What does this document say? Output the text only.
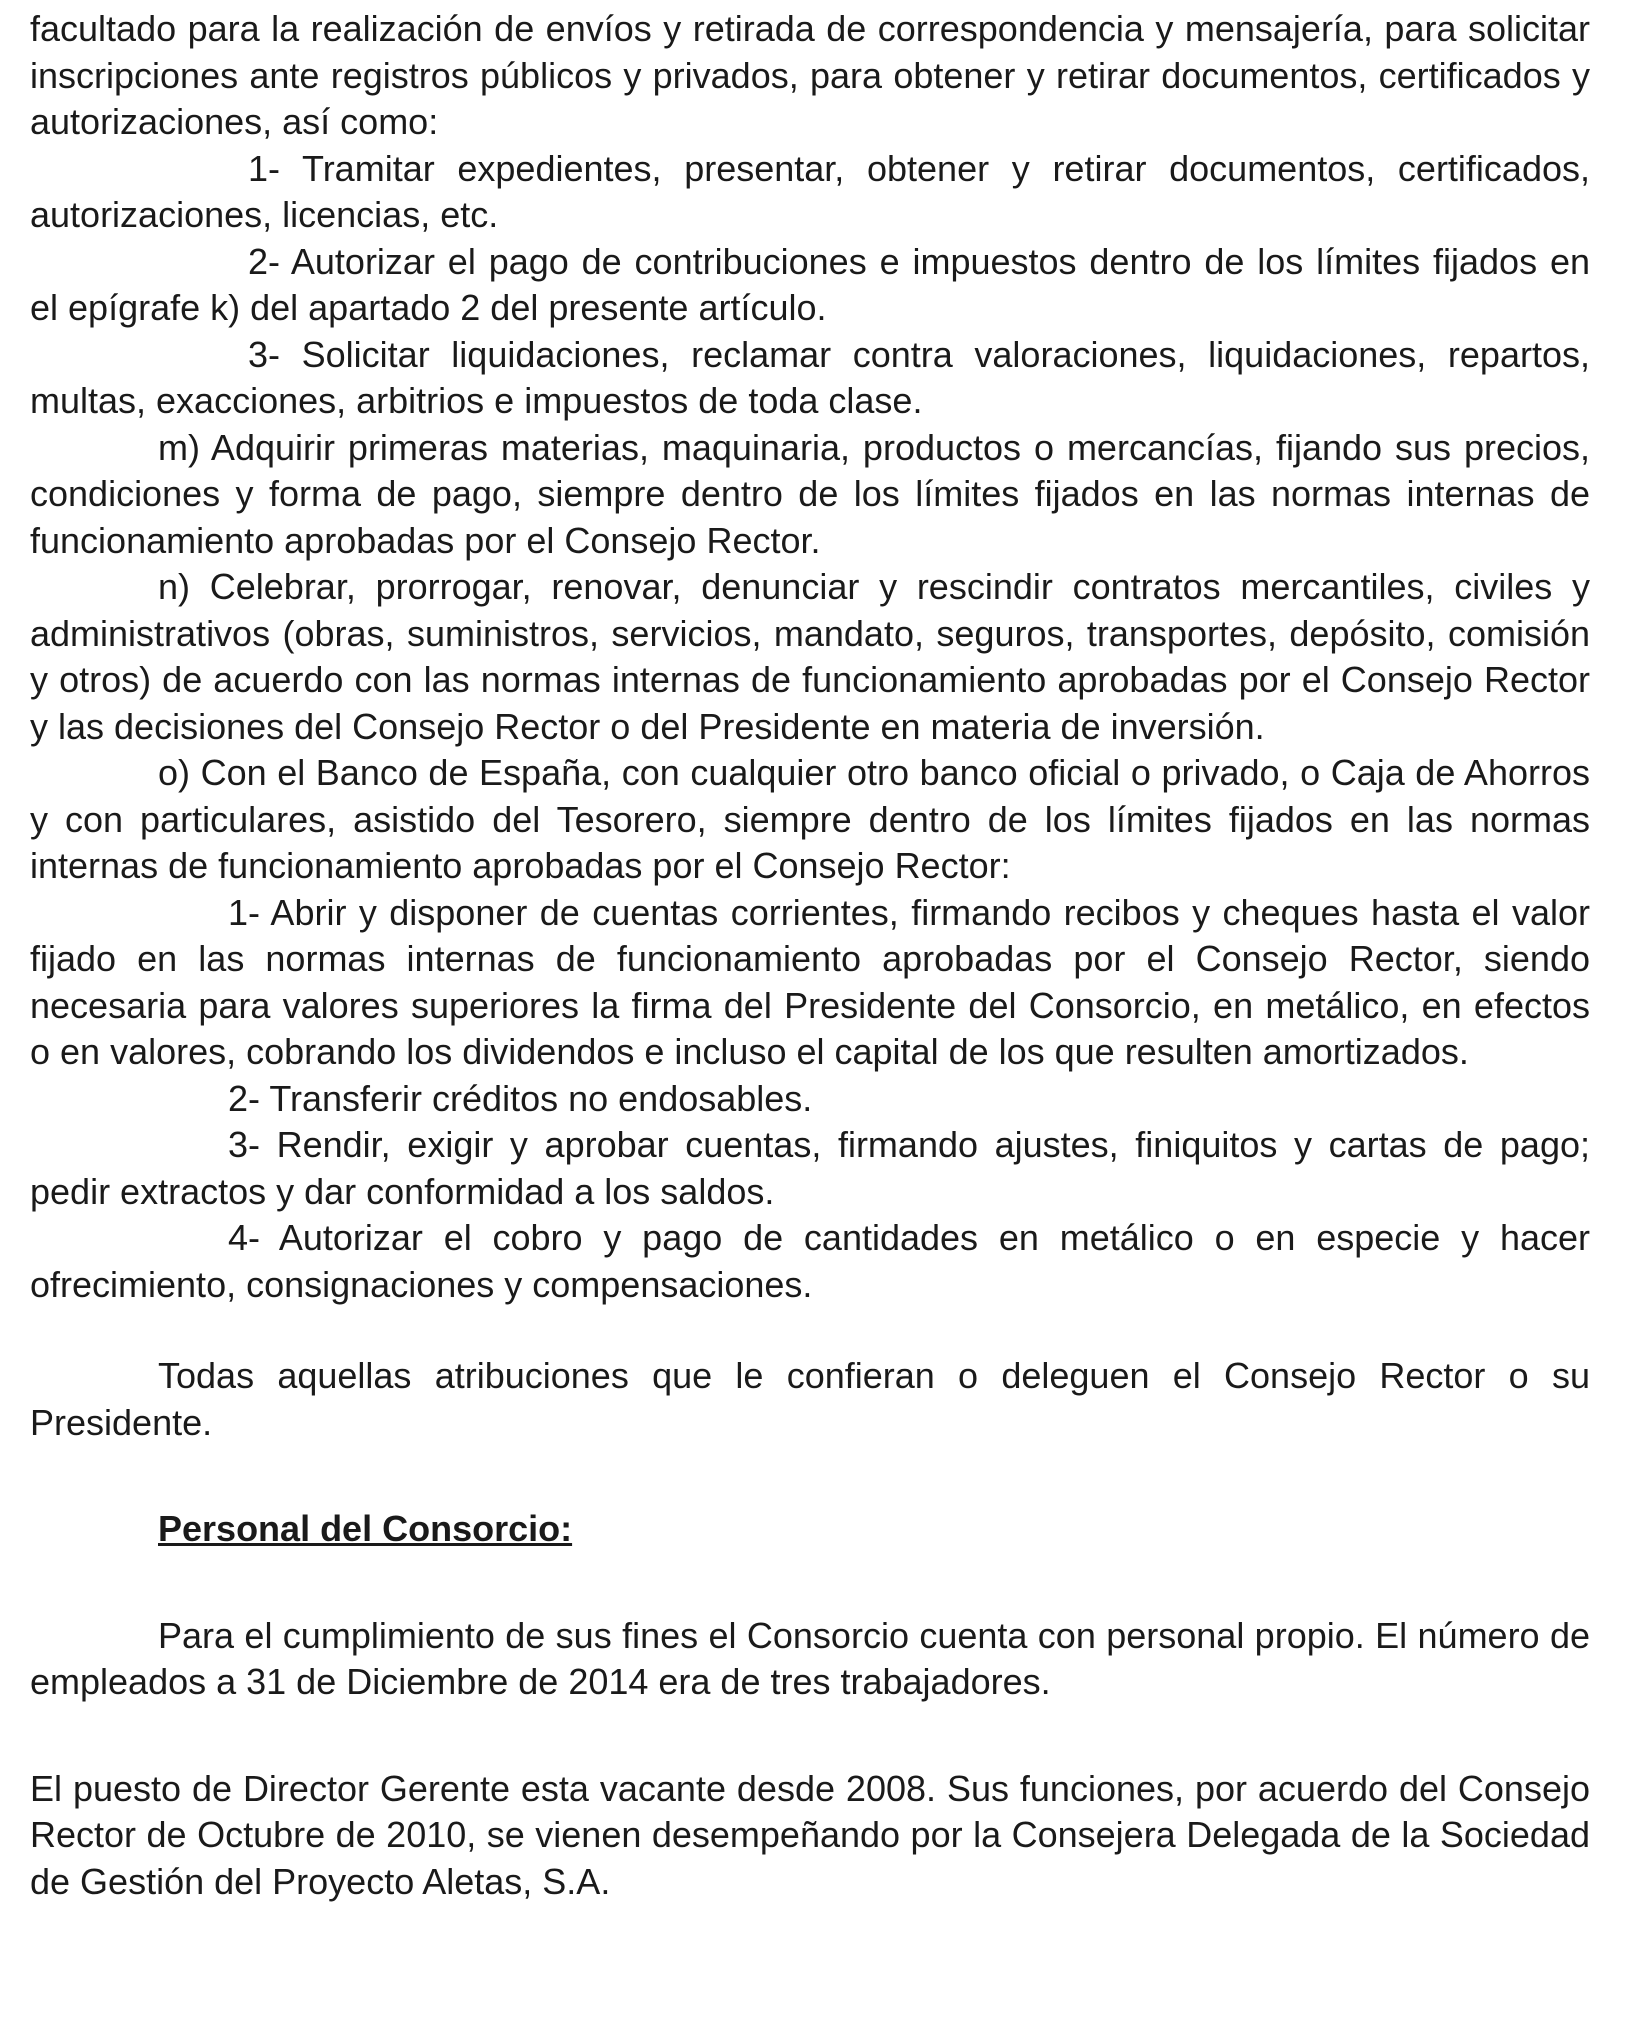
facultado para la realización de envíos y retirada de correspondencia y mensajería, para solicitar inscripciones ante registros públicos y privados, para obtener y retirar documentos, certificados y autorizaciones, así como:

1- Tramitar expedientes, presentar, obtener y retirar documentos, certificados, autorizaciones, licencias, etc.

2- Autorizar el pago de contribuciones e impuestos dentro de los límites fijados en el epígrafe k) del apartado 2 del presente artículo.

3- Solicitar liquidaciones, reclamar contra valoraciones, liquidaciones, repartos, multas, exacciones, arbitrios e impuestos de toda clase.

m) Adquirir primeras materias, maquinaria, productos o mercancías, fijando sus precios, condiciones y forma de pago, siempre dentro de los límites fijados en las normas internas de funcionamiento aprobadas por el Consejo Rector.

n) Celebrar, prorrogar, renovar, denunciar y rescindir contratos mercantiles, civiles y administrativos (obras, suministros, servicios, mandato, seguros, transportes, depósito, comisión y otros) de acuerdo con las normas internas de funcionamiento aprobadas por el Consejo Rector y las decisiones del Consejo Rector o del Presidente en materia de inversión.

o) Con el Banco de España, con cualquier otro banco oficial o privado, o Caja de Ahorros y con particulares, asistido del Tesorero, siempre dentro de los límites fijados en las normas internas de funcionamiento aprobadas por el Consejo Rector:

1- Abrir y disponer de cuentas corrientes, firmando recibos y cheques hasta el valor fijado en las normas internas de funcionamiento aprobadas por el Consejo Rector, siendo necesaria para valores superiores la firma del Presidente del Consorcio, en metálico, en efectos o en valores, cobrando los dividendos e incluso el capital de los que resulten amortizados.

2- Transferir créditos no endosables.

3- Rendir, exigir y aprobar cuentas, firmando ajustes, finiquitos y cartas de pago; pedir extractos y dar conformidad a los saldos.

4- Autorizar el cobro y pago de cantidades en metálico o en especie y hacer ofrecimiento, consignaciones y compensaciones.

Todas aquellas atribuciones que le confieran o deleguen el Consejo Rector o su Presidente.

Personal del Consorcio:

Para el cumplimiento de sus fines el Consorcio cuenta con personal propio. El número de empleados a 31 de Diciembre de 2014 era de tres trabajadores.

El puesto de Director Gerente esta vacante desde 2008. Sus funciones, por acuerdo del Consejo Rector de Octubre de 2010, se vienen desempeñando por la Consejera Delegada de la Sociedad de Gestión del Proyecto Aletas, S.A.
